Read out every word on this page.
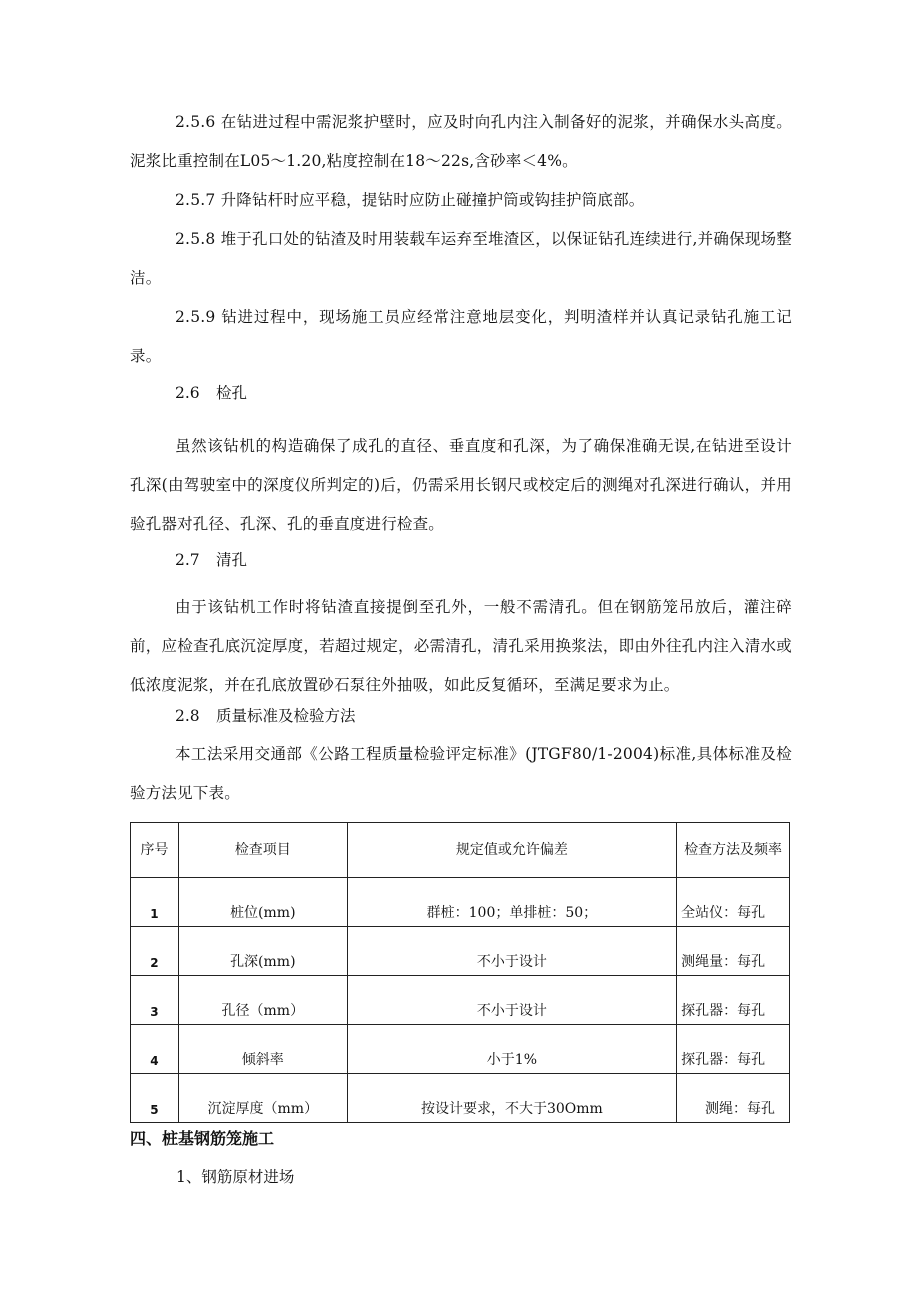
2.5.6 在钻进过程中需泥浆护壁时，应及时向孔内注入制备好的泥浆，并确保水头高度。泥浆比重控制在L05～1.20,粘度控制在18～22s,含砂率＜4%。

2.5.7 升降钻杆时应平稳，提钻时应防止碰撞护筒或钩挂护筒底部。

2.5.8 堆于孔口处的钻渣及时用装载车运弃至堆渣区，以保证钻孔连续进行,并确保现场整洁。

2.5.9 钻进过程中，现场施工员应经常注意地层变化，判明渣样并认真记录钻孔施工记录。

2.6 检孔

虽然该钻机的构造确保了成孔的直径、垂直度和孔深，为了确保准确无误,在钻进至设计孔深(由驾驶室中的深度仪所判定的)后，仍需采用长钢尺或校定后的测绳对孔深进行确认，并用验孔器对孔径、孔深、孔的垂直度进行检查。

2.7 清孔

由于该钻机工作时将钻渣直接提倒至孔外，一般不需清孔。但在钢筋笼吊放后，灌注碎前，应检查孔底沉淀厚度，若超过规定，必需清孔，清孔采用换浆法，即由外往孔内注入清水或低浓度泥浆，并在孔底放置砂石泵往外抽吸，如此反复循环，至满足要求为止。

2.8 质量标准及检验方法

本工法采用交通部《公路工程质量检验评定标准》(JTGF80/1-2004)标准,具体标准及检验方法见下表。

序号	检查项目	规定值或允许偏差	检查方法及频率
1	桩位(mm)	群桩：100；单排桩：50；	全站仪：每孔
2	孔深(mm)	不小于设计	测绳量：每孔
3	孔径（mm）	不小于设计	探孔器：每孔
4	倾斜率	小于1%	探孔器：每孔
5	沉淀厚度（mm）	按设计要求，不大于30Omm	测绳：每孔

四、桩基钢筋笼施工

1、钢筋原材进场
